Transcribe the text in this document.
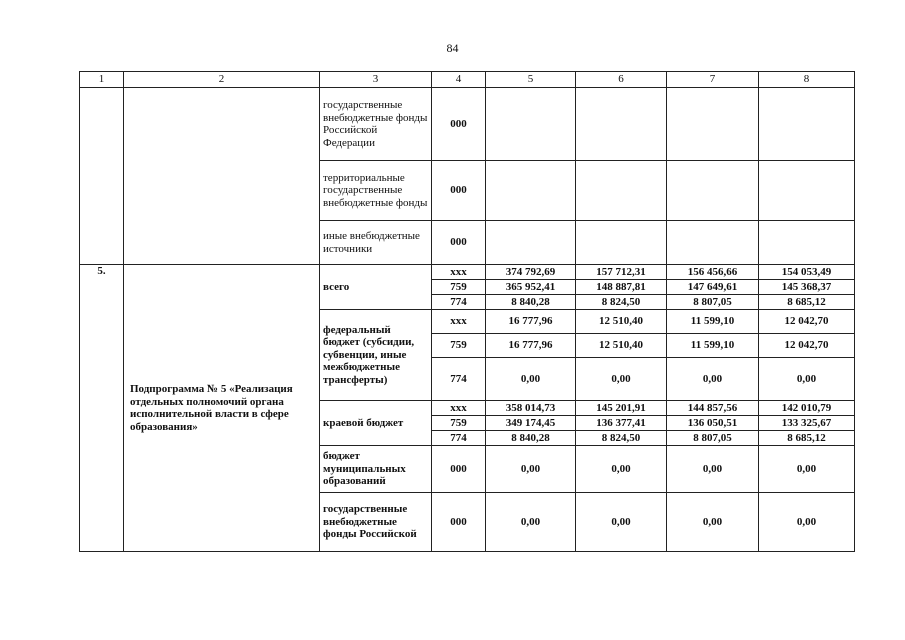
84
1	2	3	4	5	6	7	8
		государственные внебюджетные фонды Российской Федерации	000				
		территориальные государственные внебюджетные фонды	000				
		иные внебюджетные источники	000				
5.	Подпрограмма № 5 «Реализация отдельных полномочий органа исполнительной власти в сфере образования»	всего	ххх	374 792,69	157 712,31	156 456,66	154 053,49
			759	365 952,41	148 887,81	147 649,61	145 368,37
			774	8 840,28	8 824,50	8 807,05	8 685,12
		федеральный бюджет (субсидии, субвенции, иные межбюджетные трансферты)	ххх	16 777,96	12 510,40	11 599,10	12 042,70
			759	16 777,96	12 510,40	11 599,10	12 042,70
			774	0,00	0,00	0,00	0,00
		краевой бюджет	ххх	358 014,73	145 201,91	144 857,56	142 010,79
			759	349 174,45	136 377,41	136 050,51	133 325,67
			774	8 840,28	8 824,50	8 807,05	8 685,12
		бюджет муниципальных образований	000	0,00	0,00	0,00	0,00
		государственные внебюджетные фонды Российской	000	0,00	0,00	0,00	0,00
